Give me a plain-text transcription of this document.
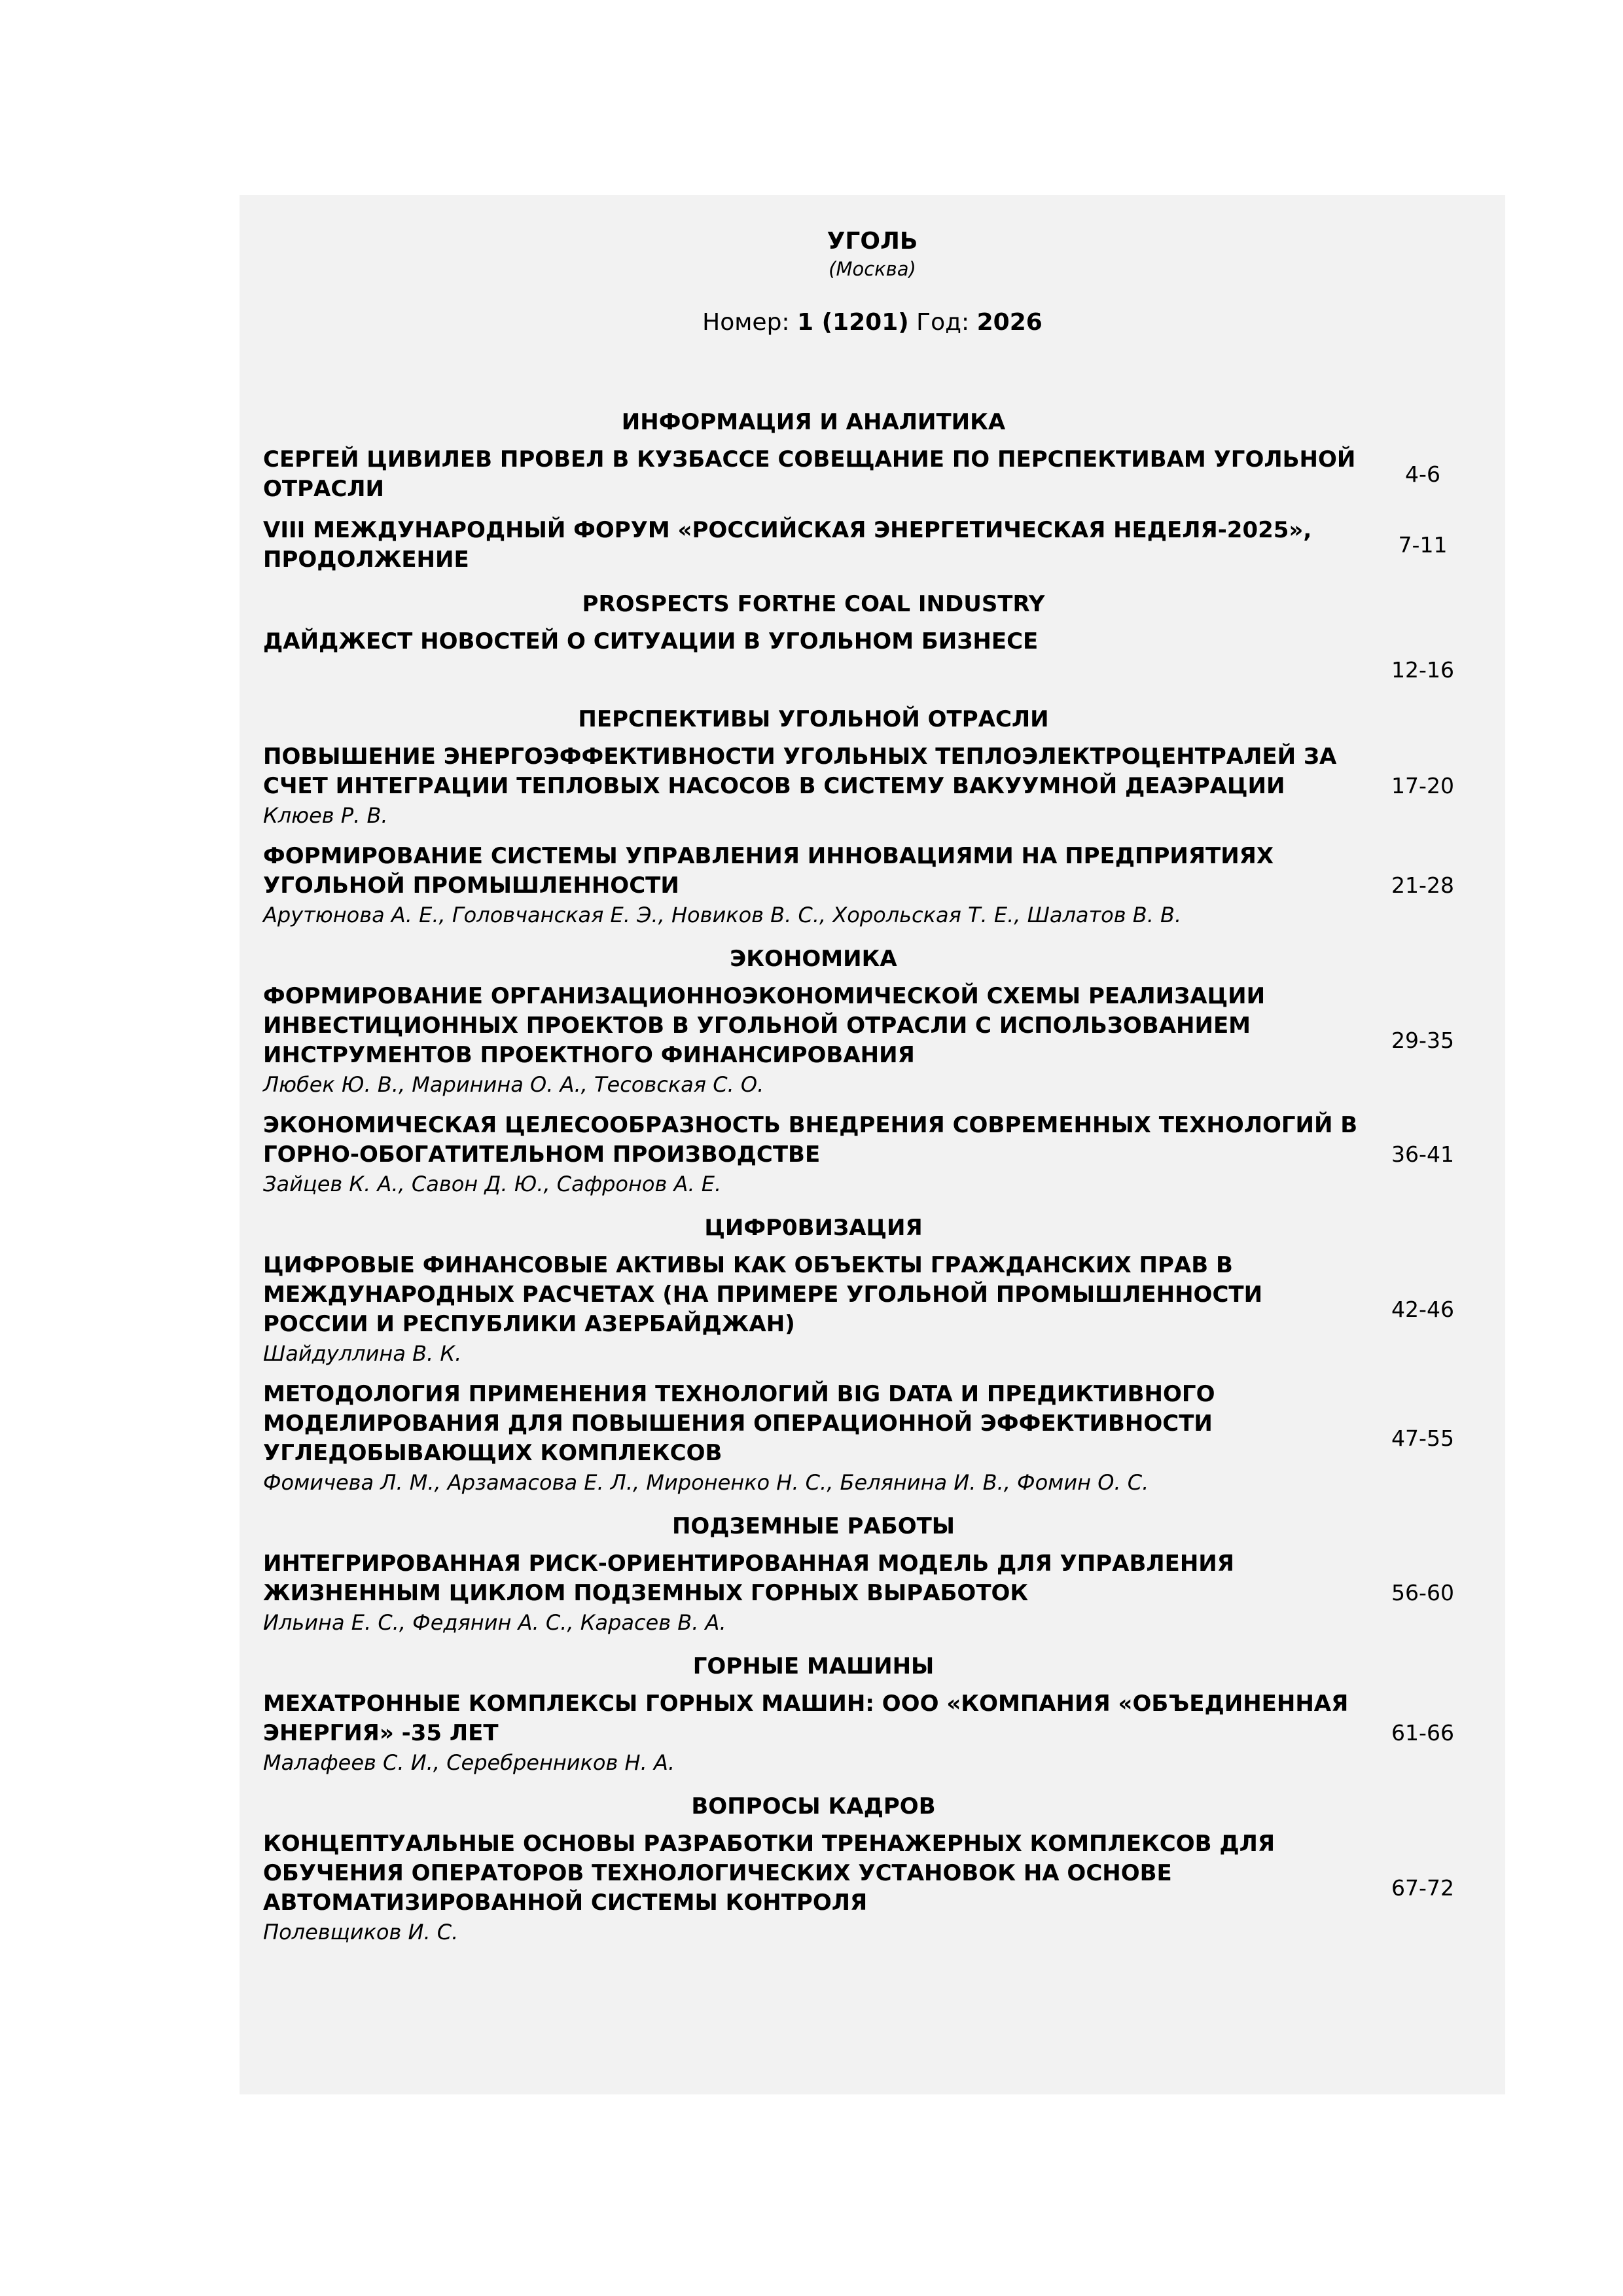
УГОЛЬ
(Москва)
Номер: 1 (1201) Год: 2026
ИНФОРМАЦИЯ И АНАЛИТИКА
СЕРГЕЙ ЦИВИЛЕВ ПРОВЕЛ В КУЗБАССЕ СОВЕЩАНИЕ ПО ПЕРСПЕКТИВАМ УГОЛЬНОЙ ОТРАСЛИ
4-6
VIII МЕЖДУНАРОДНЫЙ ФОРУМ «РОССИЙСКАЯ ЭНЕРГЕТИЧЕСКАЯ НЕДЕЛЯ-2025», ПРОДОЛЖЕНИЕ
7-11
PROSPECTS FORTHE COAL INDUSTRY
ДАЙДЖЕСТ НОВОСТЕЙ О СИТУАЦИИ В УГОЛЬНОМ БИЗНЕСЕ
12-16
ПЕРСПЕКТИВЫ УГОЛЬНОЙ ОТРАСЛИ
ПОВЫШЕНИЕ ЭНЕРГОЭФФЕКТИВНОСТИ УГОЛЬНЫХ ТЕПЛОЭЛЕКТРОЦЕНТРАЛЕЙ ЗА СЧЕТ ИНТЕГРАЦИИ ТЕПЛОВЫХ НАСОСОВ В СИСТЕМУ ВАКУУМНОЙ ДЕАЭРАЦИИ
Клюев Р. В.
17-20
ФОРМИРОВАНИЕ СИСТЕМЫ УПРАВЛЕНИЯ ИННОВАЦИЯМИ НА ПРЕДПРИЯТИЯХ УГОЛЬНОЙ ПРОМЫШЛЕННОСТИ
Арутюнова А. Е., Головчанская Е. Э., Новиков В. С., Хорольская Т. Е., Шалатов В. В.
21-28
ЭКОНОМИКА
ФОРМИРОВАНИЕ ОРГАНИЗАЦИОННОЭКОНОМИЧЕСКОЙ СХЕМЫ РЕАЛИЗАЦИИ ИНВЕСТИЦИОННЫХ ПРОЕКТОВ В УГОЛЬНОЙ ОТРАСЛИ С ИСПОЛЬЗОВАНИЕМ ИНСТРУМЕНТОВ ПРОЕКТНОГО ФИНАНСИРОВАНИЯ
Любек Ю. В., Маринина О. А., Тесовская С. О.
29-35
ЭКОНОМИЧЕСКАЯ ЦЕЛЕСООБРАЗНОСТЬ ВНЕДРЕНИЯ СОВРЕМЕННЫХ ТЕХНОЛОГИЙ В ГОРНО-ОБОГАТИТЕЛЬНОМ ПРОИЗВОДСТВЕ
Зайцев К. А., Савон Д. Ю., Сафронов А. Е.
36-41
ЦИФР0ВИЗАЦИЯ
ЦИФРОВЫЕ ФИНАНСОВЫЕ АКТИВЫ КАК ОБЪЕКТЫ ГРАЖДАНСКИХ ПРАВ В МЕЖДУНАРОДНЫХ РАСЧЕТАХ (НА ПРИМЕРЕ УГОЛЬНОЙ ПРОМЫШЛЕННОСТИ РОССИИ И РЕСПУБЛИКИ АЗЕРБАЙДЖАН)
Шайдуллина В. К.
42-46
МЕТОДОЛОГИЯ ПРИМЕНЕНИЯ ТЕХНОЛОГИЙ BIG DATA И ПРЕДИКТИВНОГО МОДЕЛИРОВАНИЯ ДЛЯ ПОВЫШЕНИЯ ОПЕРАЦИОННОЙ ЭФФЕКТИВНОСТИ УГЛЕДОБЫВАЮЩИХ КОМПЛЕКСОВ
Фомичева Л. М., Арзамасова Е. Л., Мироненко Н. С., Белянина И. В., Фомин О. С.
47-55
ПОДЗЕМНЫЕ РАБОТЫ
ИНТЕГРИРОВАННАЯ РИСК-ОРИЕНТИРОВАННАЯ МОДЕЛЬ ДЛЯ УПРАВЛЕНИЯ ЖИЗНЕННЫМ ЦИКЛОМ ПОДЗЕМНЫХ ГОРНЫХ ВЫРАБОТОК
Ильина Е. С., Федянин А. С., Карасев В. А.
56-60
ГОРНЫЕ МАШИНЫ
МЕХАТРОННЫЕ КОМПЛЕКСЫ ГОРНЫХ МАШИН: ООО «КОМПАНИЯ «ОБЪЕДИНЕННАЯ ЭНЕРГИЯ» -35 ЛЕТ
Малафеев С. И., Серебренников Н. А.
61-66
ВОПРОСЫ КАДРОВ
КОНЦЕПТУАЛЬНЫЕ ОСНОВЫ РАЗРАБОТКИ ТРЕНАЖЕРНЫХ КОМПЛЕКСОВ ДЛЯ ОБУЧЕНИЯ ОПЕРАТОРОВ ТЕХНОЛОГИЧЕСКИХ УСТАНОВОК НА ОСНОВЕ АВТОМАТИЗИРОВАННОЙ СИСТЕМЫ КОНТРОЛЯ
Полевщиков И. С.
67-72
